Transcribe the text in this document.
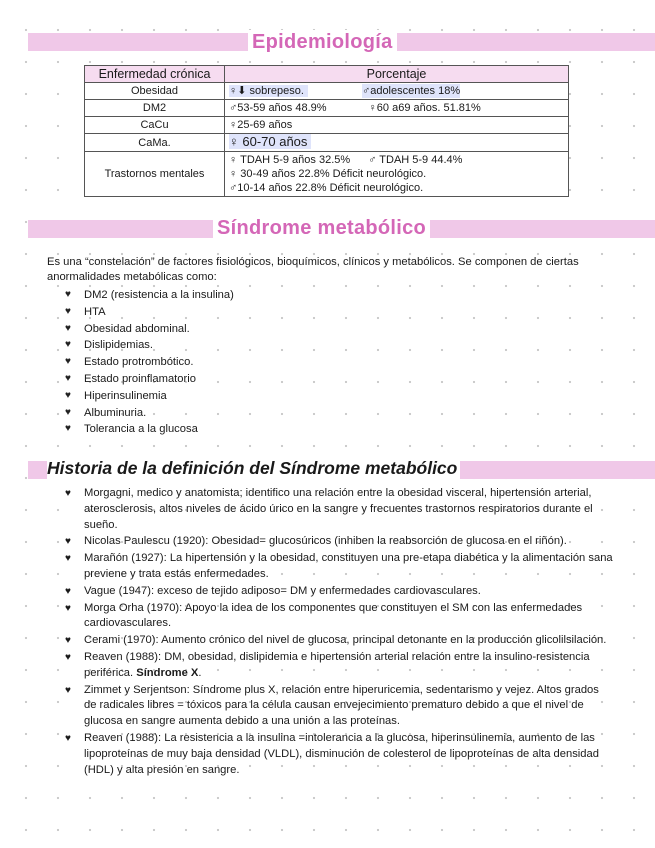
Epidemiología
Enfermedad crónica	Porcentaje
Obesidad	♀⬇ sobrepeso. ♂adolescentes 18%
DM2	♂53-59 años 48.9% ♀60 a69 años. 51.81%
CaCu	♀25-69 años
CaMa.	♀ 60-70 años
Trastornos mentales	♀ TDAH 5-9 años 32.5% ♂ TDAH 5-9 44.4%
♀ 30-49 años 22.8% Déficit neurológico.
♂10-14 años 22.8% Déficit neurológico.
Síndrome metabólico

Es una “constelación” de factores fisiológicos, bioquímicos, clínicos y metabólicos. Se componen de ciertas anormalidades metabólicas como:

♥ DM2 (resistencia a la insulina)
♥ HTA
♥ Obesidad abdominal.
♥ Dislipidemias.
♥ Estado protrombótico.
♥ Estado proinflamatorio
♥ Hiperinsulinemia
♥ Albuminuria.
♥ Tolerancia a la glucosa
Historia de la definición del Síndrome metabólico
♥ Morgagni, medico y anatomista; identifico una relación entre la obesidad visceral, hipertensión arterial, aterosclerosis, altos niveles de ácido úrico en la sangre y frecuentes trastornos respiratorios durante el sueño.
♥ Nicolas Paulescu (1920): Obesidad= glucosúricos (inhiben la reabsorción de glucosa en el riñón).
♥ Marañón (1927): La hipertensión y la obesidad, constituyen una pre-etapa diabética y la alimentación sana previene y trata estás enfermedades.
♥ Vague (1947): exceso de tejido adiposo= DM y enfermedades cardiovasculares.
♥ Morga Orha (1970): Apoyo la idea de los componentes que constituyen el SM con las enfermedades cardiovasculares.
♥ Cerami (1970): Aumento crónico del nivel de glucosa, principal detonante en la producción glicolilsilación.
♥ Reaven (1988): DM, obesidad, dislipidemia e hipertensión arterial relación entre la insulino-resistencia periférica. Síndrome X.
♥ Zimmet y Serjentson: Síndrome plus X, relación entre hiperuricemia, sedentarismo y vejez. Altos grados de radicales libres = tóxicos para la célula causan envejecimiento prematuro debido a que el nivel de glucosa en sangre aumenta debido a una unión a las proteínas.
♥ Reaven (1988): La resistencia a la insulina =intolerancia a la glucosa, hiperinsulinemia, aumento de las lipoproteínas de muy baja densidad (VLDL), disminución de colesterol de lipoproteínas de alta densidad (HDL) y alta presión en sangre.
